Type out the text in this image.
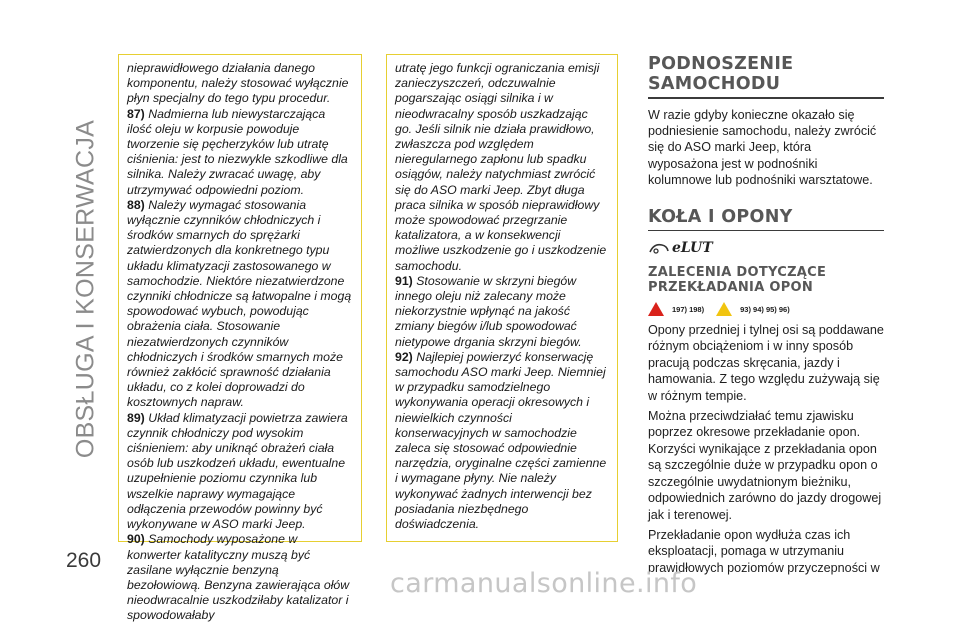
OBSŁUGA I KONSERWACJA
260

nieprawidłowego działania danego komponentu, należy stosować wyłącznie płyn specjalny do tego typu procedur.

87) Nadmierna lub niewystarczająca ilość oleju w korpusie powoduje tworzenie się pęcherzyków lub utratę ciśnienia: jest to niezwykle szkodliwe dla silnika. Należy zwracać uwagę, aby utrzymywać odpowiedni poziom.

88) Należy wymagać stosowania wyłącznie czynników chłodniczych i środków smarnych do sprężarki zatwierdzonych dla konkretnego typu układu klimatyzacji zastosowanego w samochodzie. Niektóre niezatwierdzone czynniki chłodnicze są łatwopalne i mogą spowodować wybuch, powodując obrażenia ciała. Stosowanie niezatwierdzonych czynników chłodniczych i środków smarnych może również zakłócić sprawność działania układu, co z kolei doprowadzi do kosztownych napraw.

89) Układ klimatyzacji powietrza zawiera czynnik chłodniczy pod wysokim ciśnieniem: aby uniknąć obrażeń ciała osób lub uszkodzeń układu, ewentualne uzupełnienie poziomu czynnika lub wszelkie naprawy wymagające odłączenia przewodów powinny być wykonywane w ASO marki Jeep.

90) Samochody wyposażone w konwerter katalityczny muszą być zasilane wyłącznie benzyną bezołowiową. Benzyna zawierająca ołów nieodwracalnie uszkodziłaby katalizator i spowodowałaby

utratę jego funkcji ograniczania emisji zanieczyszczeń, odczuwalnie pogarszając osiągi silnika i w nieodwracalny sposób uszkadzając go. Jeśli silnik nie działa prawidłowo, zwłaszcza pod względem nieregularnego zapłonu lub spadku osiągów, należy natychmiast zwrócić się do ASO marki Jeep. Zbyt długa praca silnika w sposób nieprawidłowy może spowodować przegrzanie katalizatora, a w konsekwencji możliwe uszkodzenie go i uszkodzenie samochodu.

91) Stosowanie w skrzyni biegów innego oleju niż zalecany może niekorzystnie wpłynąć na jakość zmiany biegów i/lub spowodować nietypowe drgania skrzyni biegów.

92) Najlepiej powierzyć konserwację samochodu ASO marki Jeep. Niemniej w przypadku samodzielnego wykonywania operacji okresowych i niewielkich czynności konserwacyjnych w samochodzie zaleca się stosować odpowiednie narzędzia, oryginalne części zamienne i wymagane płyny. Nie należy wykonywać żadnych interwencji bez posiadania niezbędnego doświadczenia.

PODNOSZENIE SAMOCHODU

W razie gdyby konieczne okazało się podniesienie samochodu, należy zwrócić się do ASO marki Jeep, która wyposażona jest w podnośniki kolumnowe lub podnośniki warsztatowe.

KOŁA I OPONY
eLUT
ZALECENIA DOTYCZĄCE PRZEKŁADANIA OPON
197) 198)	93) 94) 95) 96)

Opony przedniej i tylnej osi są poddawane różnym obciążeniom i w inny sposób pracują podczas skręcania, jazdy i hamowania. Z tego względu zużywają się w różnym tempie.

Można przeciwdziałać temu zjawisku poprzez okresowe przekładanie opon. Korzyści wynikające z przekładania opon są szczególnie duże w przypadku opon o szczególnie uwydatnionym bieżniku, odpowiednich zarówno do jazdy drogowej jak i terenowej.

Przekładanie opon wydłuża czas ich eksploatacji, pomaga w utrzymaniu prawidłowych poziomów przyczepności w

carmanualsonline.info
